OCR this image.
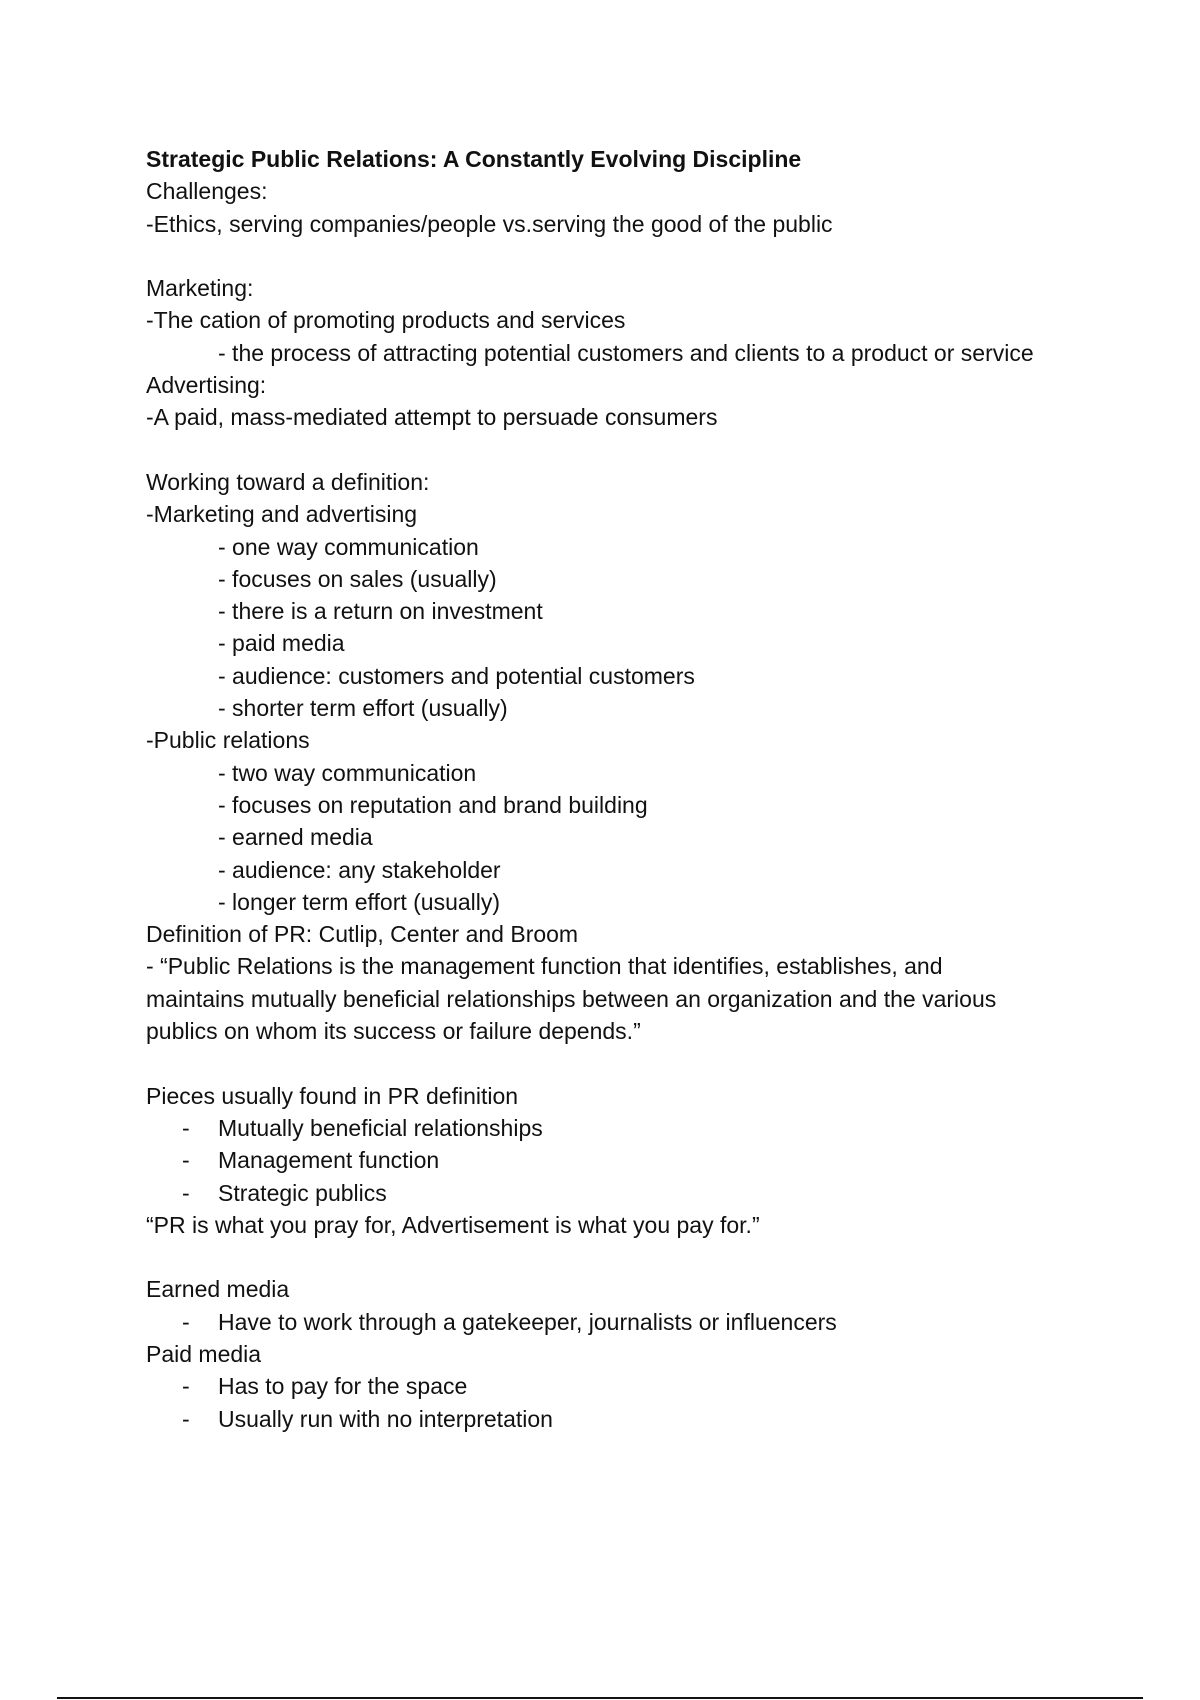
Strategic Public Relations: A Constantly Evolving Discipline
Challenges:
-Ethics, serving companies/people vs.serving the good of the public
Marketing:
-The cation of promoting products and services
- the process of attracting potential customers and clients to a product or service
Advertising:
-A paid, mass-mediated attempt to persuade consumers
Working toward a definition:
-Marketing and advertising
- one way communication
- focuses on sales (usually)
- there is a return on investment
- paid media
- audience: customers and potential customers
- shorter term effort (usually)
-Public relations
- two way communication
- focuses on reputation and brand building
- earned media
- audience: any stakeholder
- longer term effort (usually)
Definition of PR: Cutlip, Center and Broom
- “Public Relations is the management function that identifies, establishes, and
maintains mutually beneficial relationships between an organization and the various
publics on whom its success or failure depends.”
Pieces usually found in PR definition
-	Mutually beneficial relationships
-	Management function
-	Strategic publics
“PR is what you pray for, Advertisement is what you pay for.”
Earned media
-	Have to work through a gatekeeper, journalists or influencers
Paid media
-	Has to pay for the space
-	Usually run with no interpretation
